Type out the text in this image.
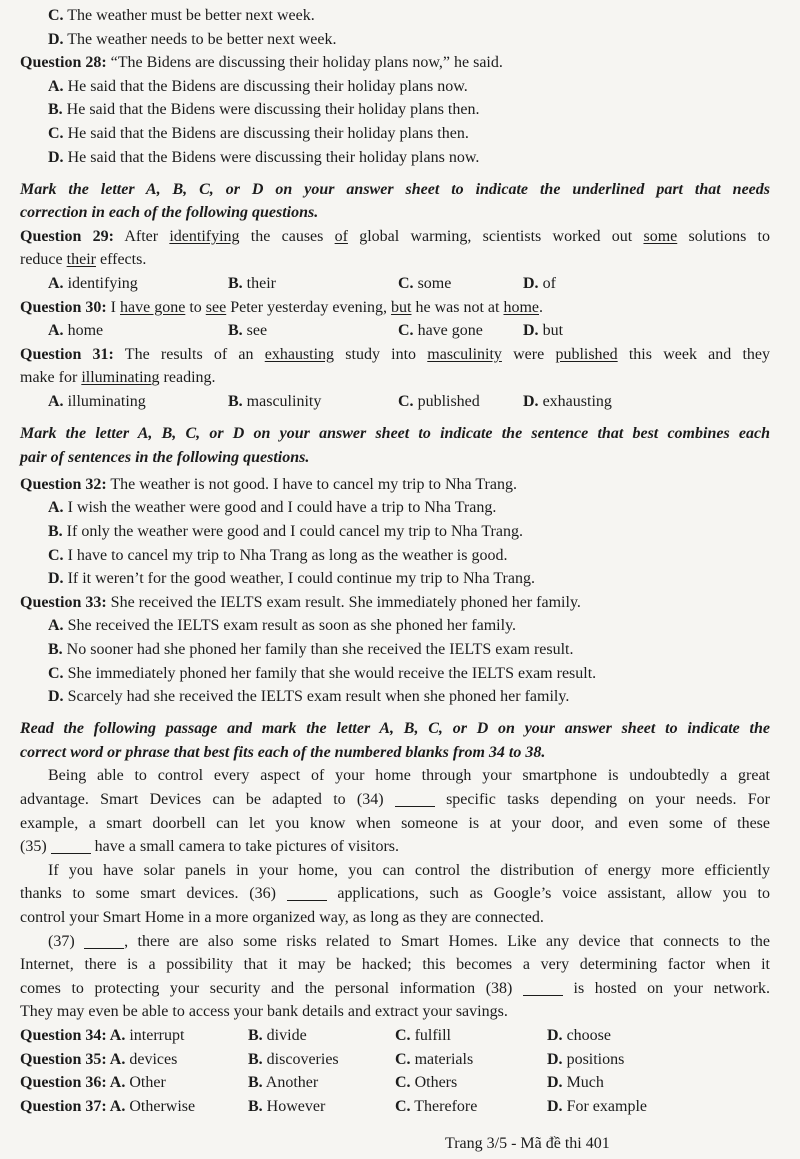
C. The weather must be better next week.
D. The weather needs to be better next week.
Question 28: “The Bidens are discussing their holiday plans now,” he said.
A. He said that the Bidens are discussing their holiday plans now.
B. He said that the Bidens were discussing their holiday plans then.
C. He said that the Bidens are discussing their holiday plans then.
D. He said that the Bidens were discussing their holiday plans now.
Mark the letter A, B, C, or D on your answer sheet to indicate the underlined part that needs
correction in each of the following questions.
Question 29: After identifying the causes of global warming, scientists worked out some solutions to
reduce their effects.
A. identifying	B. their	C. some	D. of
Question 30: I have gone to see Peter yesterday evening, but he was not at home.
A. home	B. see	C. have gone	D. but
Question 31: The results of an exhausting study into masculinity were published this week and they
make for illuminating reading.
A. illuminating	B. masculinity	C. published	D. exhausting
Mark the letter A, B, C, or D on your answer sheet to indicate the sentence that best combines each
pair of sentences in the following questions.
Question 32: The weather is not good. I have to cancel my trip to Nha Trang.
A. I wish the weather were good and I could have a trip to Nha Trang.
B. If only the weather were good and I could cancel my trip to Nha Trang.
C. I have to cancel my trip to Nha Trang as long as the weather is good.
D. If it weren’t for the good weather, I could continue my trip to Nha Trang.
Question 33: She received the IELTS exam result. She immediately phoned her family.
A. She received the IELTS exam result as soon as she phoned her family.
B. No sooner had she phoned her family than she received the IELTS exam result.
C. She immediately phoned her family that she would receive the IELTS exam result.
D. Scarcely had she received the IELTS exam result when she phoned her family.
Read the following passage and mark the letter A, B, C, or D on your answer sheet to indicate the
correct word or phrase that best fits each of the numbered blanks from 34 to 38.
Being able to control every aspect of your home through your smartphone is undoubtedly a great
advantage. Smart Devices can be adapted to (34)	specific tasks depending on your needs. For
example, a smart doorbell can let you know when someone is at your door, and even some of these
(35)	have a small camera to take pictures of visitors.
If you have solar panels in your home, you can control the distribution of energy more efficiently
thanks to some smart devices. (36)	applications, such as Google’s voice assistant, allow you to
control your Smart Home in a more organized way, as long as they are connected.
(37)	, there are also some risks related to Smart Homes. Like any device that connects to the
Internet, there is a possibility that it may be hacked; this becomes a very determining factor when it
comes to protecting your security and the personal information (38)	is hosted on your network.
They may even be able to access your bank details and extract your savings.
Question 34: A. interrupt	B. divide	C. fulfill	D. choose
Question 35: A. devices	B. discoveries	C. materials	D. positions
Question 36: A. Other	B. Another	C. Others	D. Much
Question 37: A. Otherwise	B. However	C. Therefore	D. For example
Trang 3/5 - Mã đề thi 401
